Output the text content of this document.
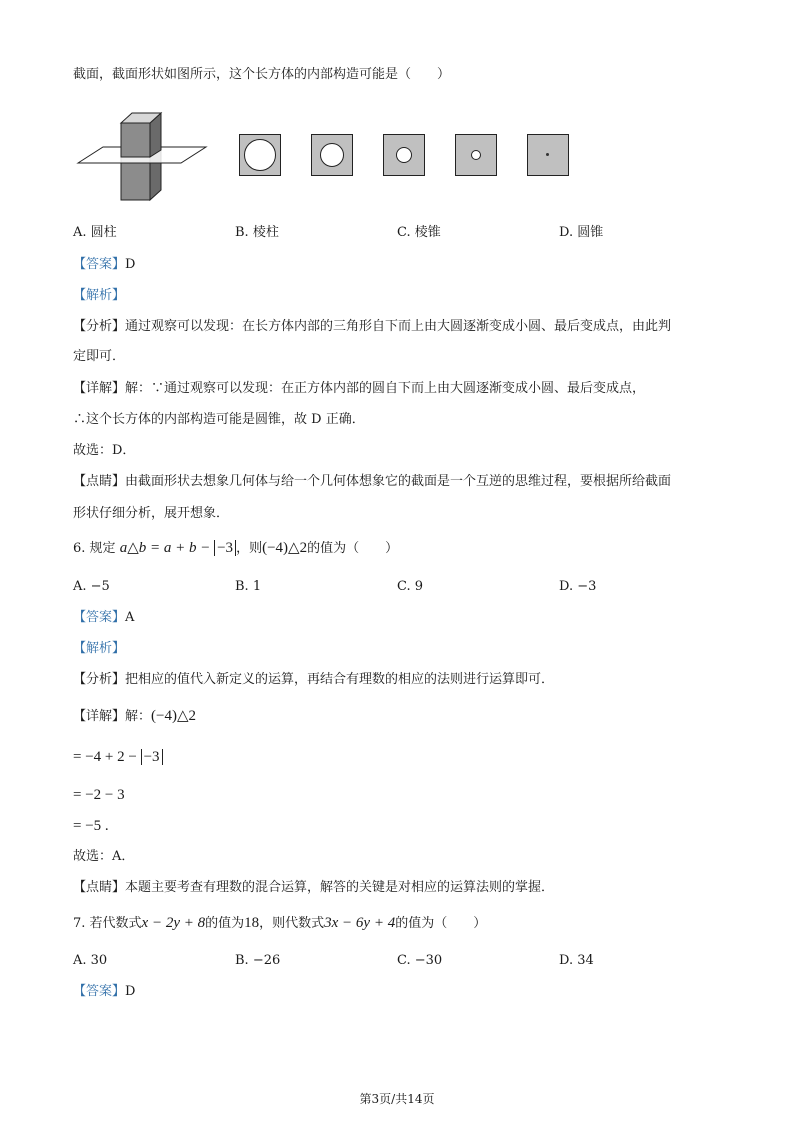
截面，截面形状如图所示，这个长方体的内部构造可能是（　　）
A. 圆柱	B. 棱柱	C. 棱锥	D. 圆锥
【答案】D
【解析】
【分析】通过观察可以发现：在长方体内部的三角形自下而上由大圆逐渐变成小圆、最后变成点，由此判
定即可．
【详解】解：∵通过观察可以发现：在正方体内部的圆自下而上由大圆逐渐变成小圆、最后变成点，
∴这个长方体的内部构造可能是圆锥，故 D 正确．
故选：D．
【点睛】由截面形状去想象几何体与给一个几何体想象它的截面是一个互逆的思维过程，要根据所给截面
形状仔细分析，展开想象．
6. 规定 a△b = a + b − −3 ，则(−4)△2的值为（　　）
A. −5	B. 1	C. 9	D. −3
【答案】A
【解析】
【分析】把相应的值代入新定义的运算，再结合有理数的相应的法则进行运算即可．
【详解】解：(−4)△2
= −4 + 2 − −3
= −2 − 3
= −5 .
故选：A．
【点睛】本题主要考查有理数的混合运算，解答的关键是对相应的运算法则的掌握．
7. 若代数式x − 2y + 8的值为18，则代数式3x − 6y + 4的值为（　　）
A. 30	B. −26	C. −30	D. 34
【答案】D
第3页/共14页
